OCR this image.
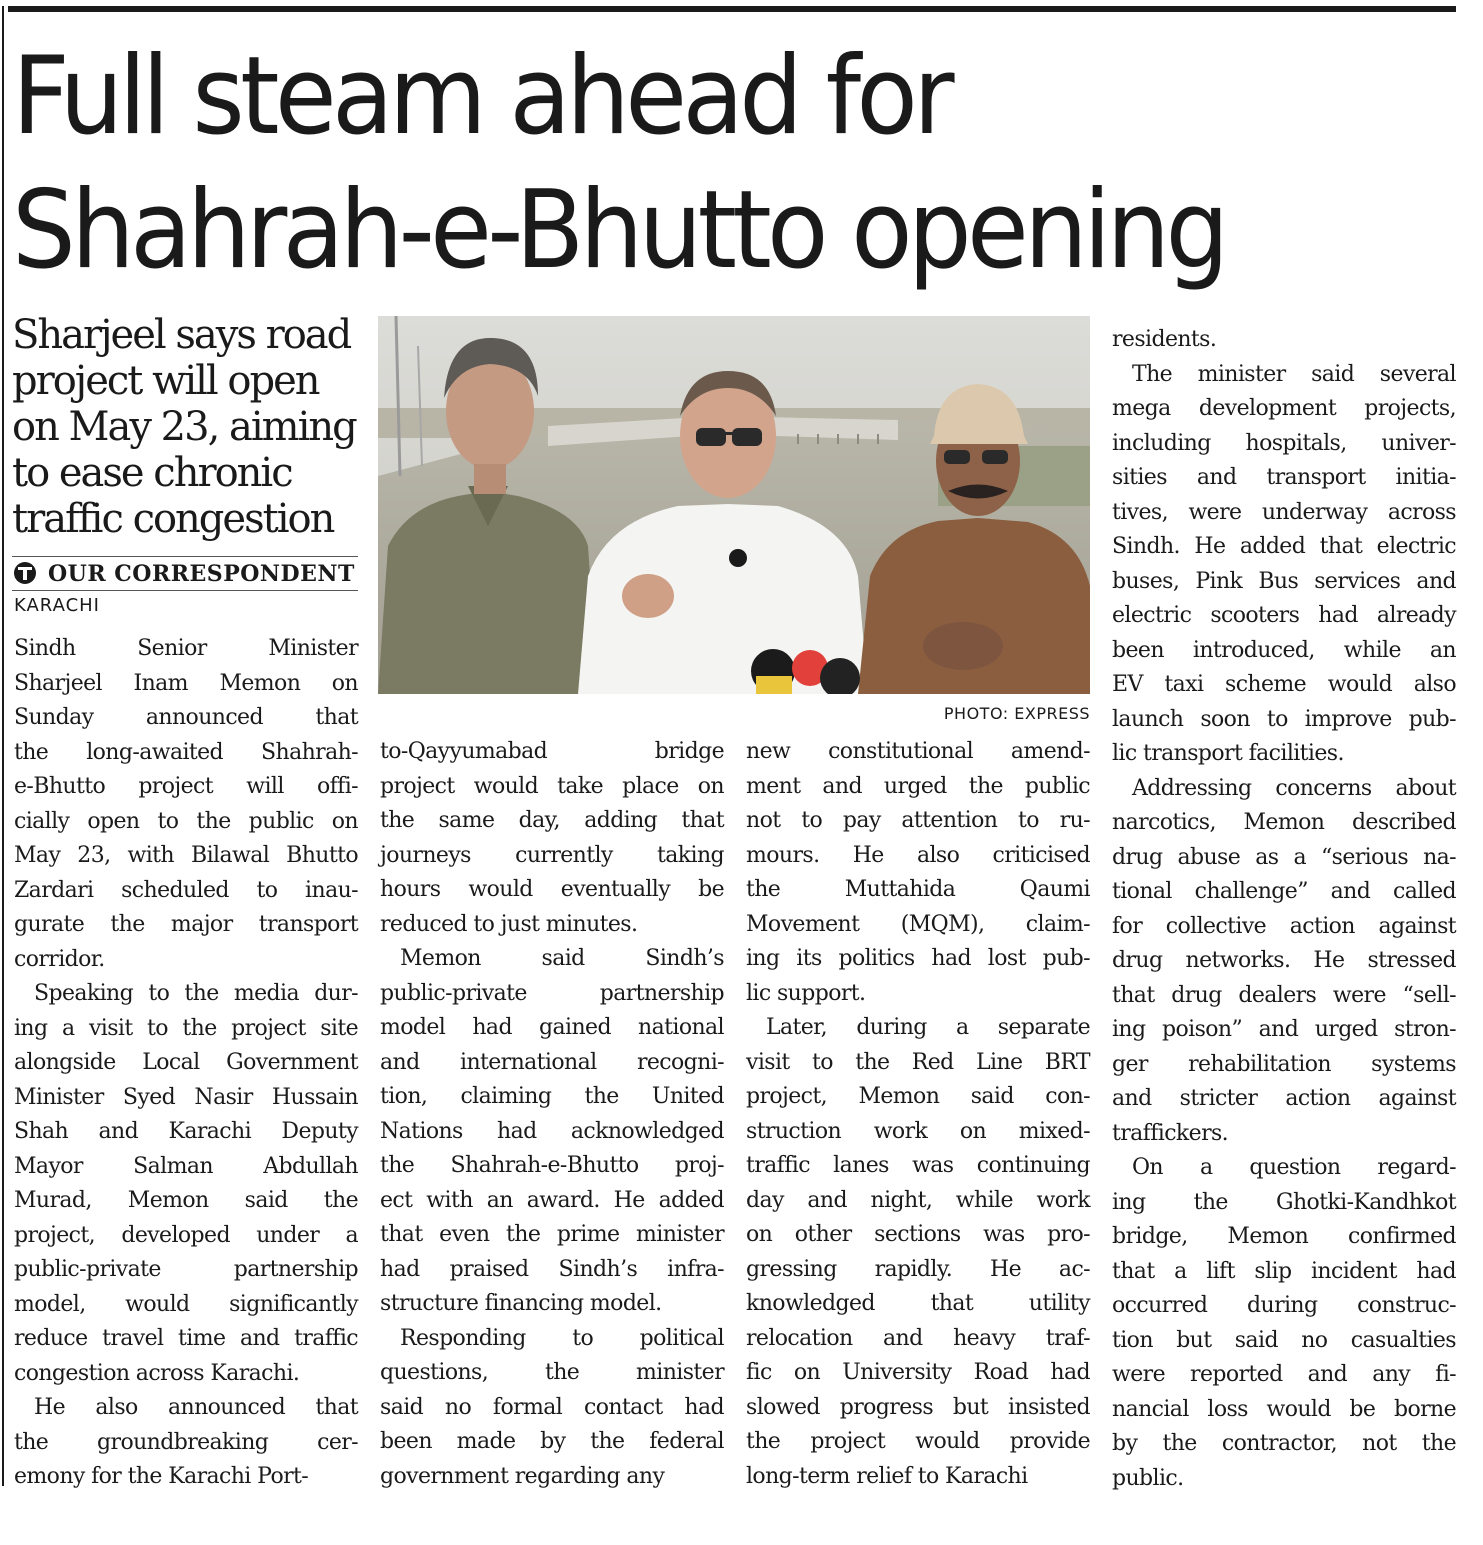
Full steam ahead for
Shahrah-e-Bhutto opening
Sharjeel says road
project will open
on May 23, aiming
to ease chronic
traffic congestion
OUR CORRESPONDENT
KARACHI
PHOTO: EXPRESS

Sindh Senior Minister
Sharjeel Inam Memon on
Sunday announced that
the long-awaited Shahrah-
e-Bhutto project will offi-
cially open to the public on
May 23, with Bilawal Bhutto
Zardari scheduled to inau-
gurate the major transport
corridor.

Speaking to the media dur-
ing a visit to the project site
alongside Local Government
Minister Syed Nasir Hussain
Shah and Karachi Deputy
Mayor Salman Abdullah
Murad, Memon said the
project, developed under a
public-private partnership
model, would significantly
reduce travel time and traffic
congestion across Karachi.

He also announced that
the groundbreaking cer-
emony for the Karachi Port-

to-Qayyumabad bridge
project would take place on
the same day, adding that
journeys currently taking
hours would eventually be
reduced to just minutes.

Memon said Sindh’s
public-private partnership
model had gained national
and international recogni-
tion, claiming the United
Nations had acknowledged
the Shahrah-e-Bhutto proj-
ect with an award. He added
that even the prime minister
had praised Sindh’s infra-
structure financing model.

Responding to political
questions, the minister
said no formal contact had
been made by the federal
government regarding any

new constitutional amend-
ment and urged the public
not to pay attention to ru-
mours. He also criticised
the Muttahida Qaumi
Movement (MQM), claim-
ing its politics had lost pub-
lic support.

Later, during a separate
visit to the Red Line BRT
project, Memon said con-
struction work on mixed-
traffic lanes was continuing
day and night, while work
on other sections was pro-
gressing rapidly. He ac-
knowledged that utility
relocation and heavy traf-
fic on University Road had
slowed progress but insisted
the project would provide
long-term relief to Karachi

residents.

The minister said several
mega development projects,
including hospitals, univer-
sities and transport initia-
tives, were underway across
Sindh. He added that electric
buses, Pink Bus services and
electric scooters had already
been introduced, while an
EV taxi scheme would also
launch soon to improve pub-
lic transport facilities.

Addressing concerns about
narcotics, Memon described
drug abuse as a “serious na-
tional challenge” and called
for collective action against
drug networks. He stressed
that drug dealers were “sell-
ing poison” and urged stron-
ger rehabilitation systems
and stricter action against
traffickers.

On a question regard-
ing the Ghotki-Kandhkot
bridge, Memon confirmed
that a lift slip incident had
occurred during construc-
tion but said no casualties
were reported and any fi-
nancial loss would be borne
by the contractor, not the
public.
